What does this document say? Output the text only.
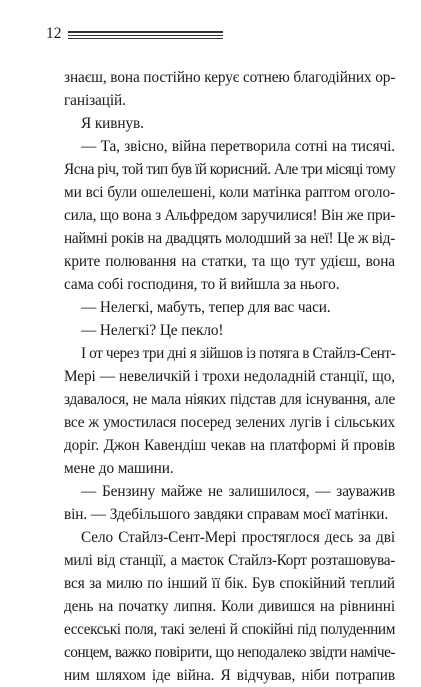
12
знаєш, вона постійно керує сотнею благодійних ор-
ганізацій.
Я кивнув.
— Та, звісно, війна перетворила сотні на тисячі.
Ясна річ, той тип був їй корисний. Але три місяці тому
ми всі були ошелешені, коли матінка раптом оголо-
сила, що вона з Альфредом заручилися! Він же при-
наймні років на двадцять молодший за неї! Це ж від-
крите полювання на статки, та що тут удієш, вона
сама собі господиня, то й вийшла за нього.
— Нелегкі, мабуть, тепер для вас часи.
— Нелегкі? Це пекло!
І от через три дні я зійшов із потяга в Стайлз-Сент-
Мері — невеличкій і трохи недоладній станції, що,
здавалося, не мала ніяких підстав для існування, але
все ж умостилася посеред зелених лугів і сільських
доріг. Джон Кавендіш чекав на платформі й провів
мене до машини.
— Бензину майже не залишилося, — зауважив
він. — Здебільшого завдяки справам моєї матінки.
Село Стайлз-Сент-Мері простяглося десь за дві
милі від станції, а маєток Стайлз-Корт розташовува-
вся за милю по інший її бік. Був спокійний теплий
день на початку липня. Коли дивишся на рівнинні
ессекські поля, такі зелені й спокійні під полуденним
сонцем, важко повірити, що неподалеко звідти наміче-
ним шляхом іде війна. Я відчував, ніби потрапив
